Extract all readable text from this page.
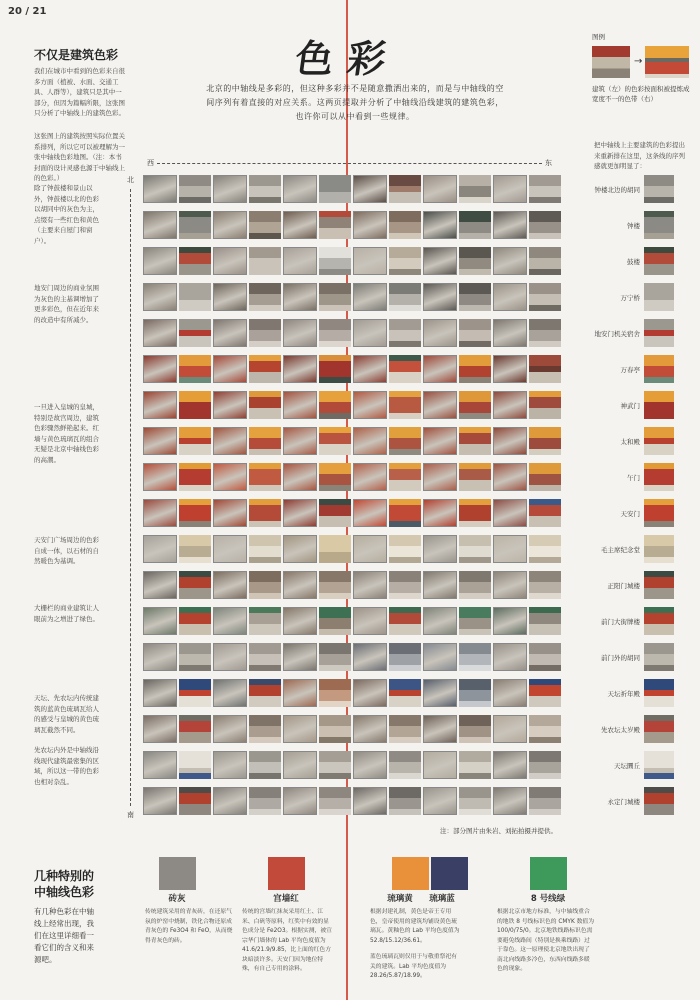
20 / 21
色彩
北京的中轴线是多彩的，但这种多彩并不是随意撒洒出来的，而是与中轴线的空间序列有着直接的对应关系。这两页提取并分析了中轴线沿线建筑的建筑色彩，也许你可以从中看到一些规律。
不仅是建筑色彩
我们在城市中看到的色彩来自很多方面（植被、水面、交通工具、人群等），建筑只是其中一部分，但因为篇幅所限，这张图只分析了中轴线上的建筑色彩。
这张图上的建筑按照实际位置关系排列，所以它可以被理解为一张中轴线色彩地图。（注：本书封面的设计灵感也源于中轴线上的色彩。）
除了钟鼓楼和景山以外，钟鼓楼以北的色彩以胡同中的灰色为主，点缀有一些红色和黄色（主要来自屋门和窗户）。
地安门周边的商业氛围为灰色的主基调增加了更多彩色，但在近年来的改造中有所减少。
一旦进入皇城的皇城，特别是故宫周边，建筑色彩骤然鲜艳起来。红墙与黄色琉璃瓦的组合无疑是北京中轴线色彩的高潮。
天安门广场周边的色彩自成一体，以石材的自然暖色为基调。
大栅栏的商业建筑让人眼前为之增进了绿色。
天坛、先农坛内传统建筑的蓝黄色琉璃瓦给人的感受与皇城的黄色琉璃瓦截然不同。
先农坛内外是中轴线沿线现代建筑最密集的区域，所以这一带的色彩也相对杂乱。
图例
→
建筑（左）的色彩按面积被提炼成宽度不一的色带（右）
把中轴线上主要建筑的色彩提出来重新排在这里，这条线的序列感就更加明显了：
西	东
北
南
钟楼北边的胡同
钟楼
鼓楼
万宁桥
地安门机关宿舍
万春亭
神武门
太和殿
午门
天安门
毛主席纪念堂
正阳门城楼
前门大街牌楼
前门外的胡同
天坛祈年殿
先农坛太岁殿
天坛圜丘
永定门城楼
注：部分图片由朱岩、刘拓拍摄并提供。
几种特别的
中轴线色彩
有几种色彩在中轴线上经常出现，我们在这里详细看一看它们的含义和来源吧。
砖灰
传统建筑采用的青灰砖，在还原气氛的炉窑中烧制，铁化合物还原成青灰色的 Fe3O4 和 FeO，从而烧得青灰色的砖。
宫墙红
传统的宫墙红抹灰采用红土、江米、白矾等原料，红奖中有效的显色成分是 Fe2O3。根据实测，被宣宗华门墙体的 Lab 平均色度值为 41.6/21.9/9.85，比上面的红色方块暗淡许多。天安门因为地位特殊，有自己专用的涂料。
琉璃黄	琉璃蓝
根据封建礼制，黄色是帝王专用色，皇帝使用的建筑均铺设黄色琉璃瓦。黄釉色的 Lab 平均色度值为 52.8/15.12/36.61。
蓝色琉璃瓦则仅用于与敬重祭祀有关的建筑。Lab 平均色度值为 28.26/5.87/18.99。
8 号线绿
根据北京市地方标准，与中轴线重合的地铁 8 号线标识色的 CMYK 数值为 100/0/75/0。北京地铁线路标识色需要避免线路间（特别是换乘线路）过于靠色。这一原理使北京地铁出现了南北向线路多冷色，东西向线路多暖色的现象。
